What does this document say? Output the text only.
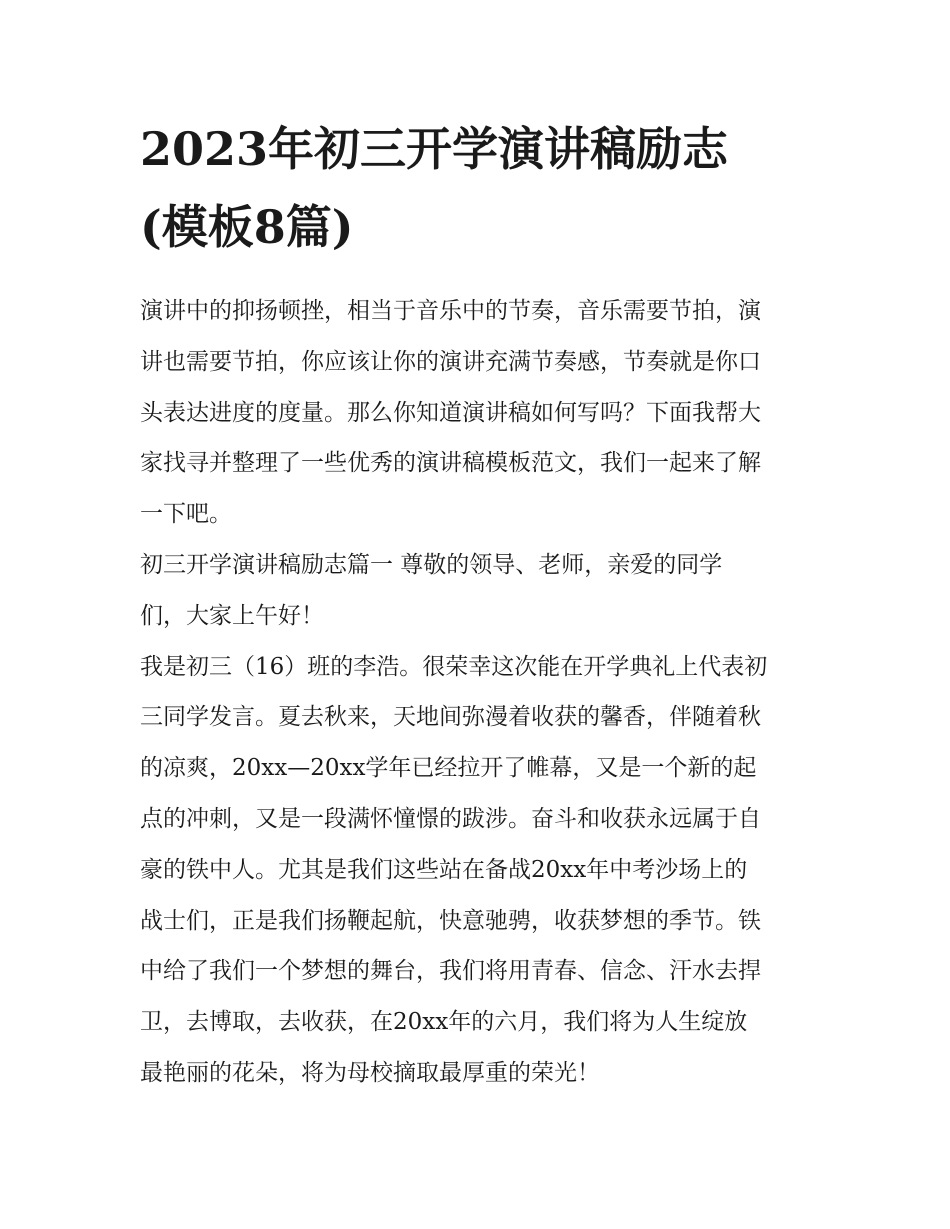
2023年初三开学演讲稿励志
(模板8篇)

演讲中的抑扬顿挫，相当于音乐中的节奏，音乐需要节拍，演
讲也需要节拍，你应该让你的演讲充满节奏感，节奏就是你口
头表达进度的度量。那么你知道演讲稿如何写吗？下面我帮大
家找寻并整理了一些优秀的演讲稿模板范文，我们一起来了解
一下吧。

初三开学演讲稿励志篇一 尊敬的领导、老师，亲爱的同学
们，大家上午好！

我是初三（16）班的李浩。很荣幸这次能在开学典礼上代表初
三同学发言。夏去秋来，天地间弥漫着收获的馨香，伴随着秋
的凉爽，20xx—20xx学年已经拉开了帷幕，又是一个新的起
点的冲刺，又是一段满怀憧憬的跋涉。奋斗和收获永远属于自
豪的铁中人。尤其是我们这些站在备战20xx年中考沙场上的
战士们，正是我们扬鞭起航，快意驰骋，收获梦想的季节。铁
中给了我们一个梦想的舞台，我们将用青春、信念、汗水去捍
卫，去博取，去收获，在20xx年的六月，我们将为人生绽放
最艳丽的花朵，将为母校摘取最厚重的荣光！
